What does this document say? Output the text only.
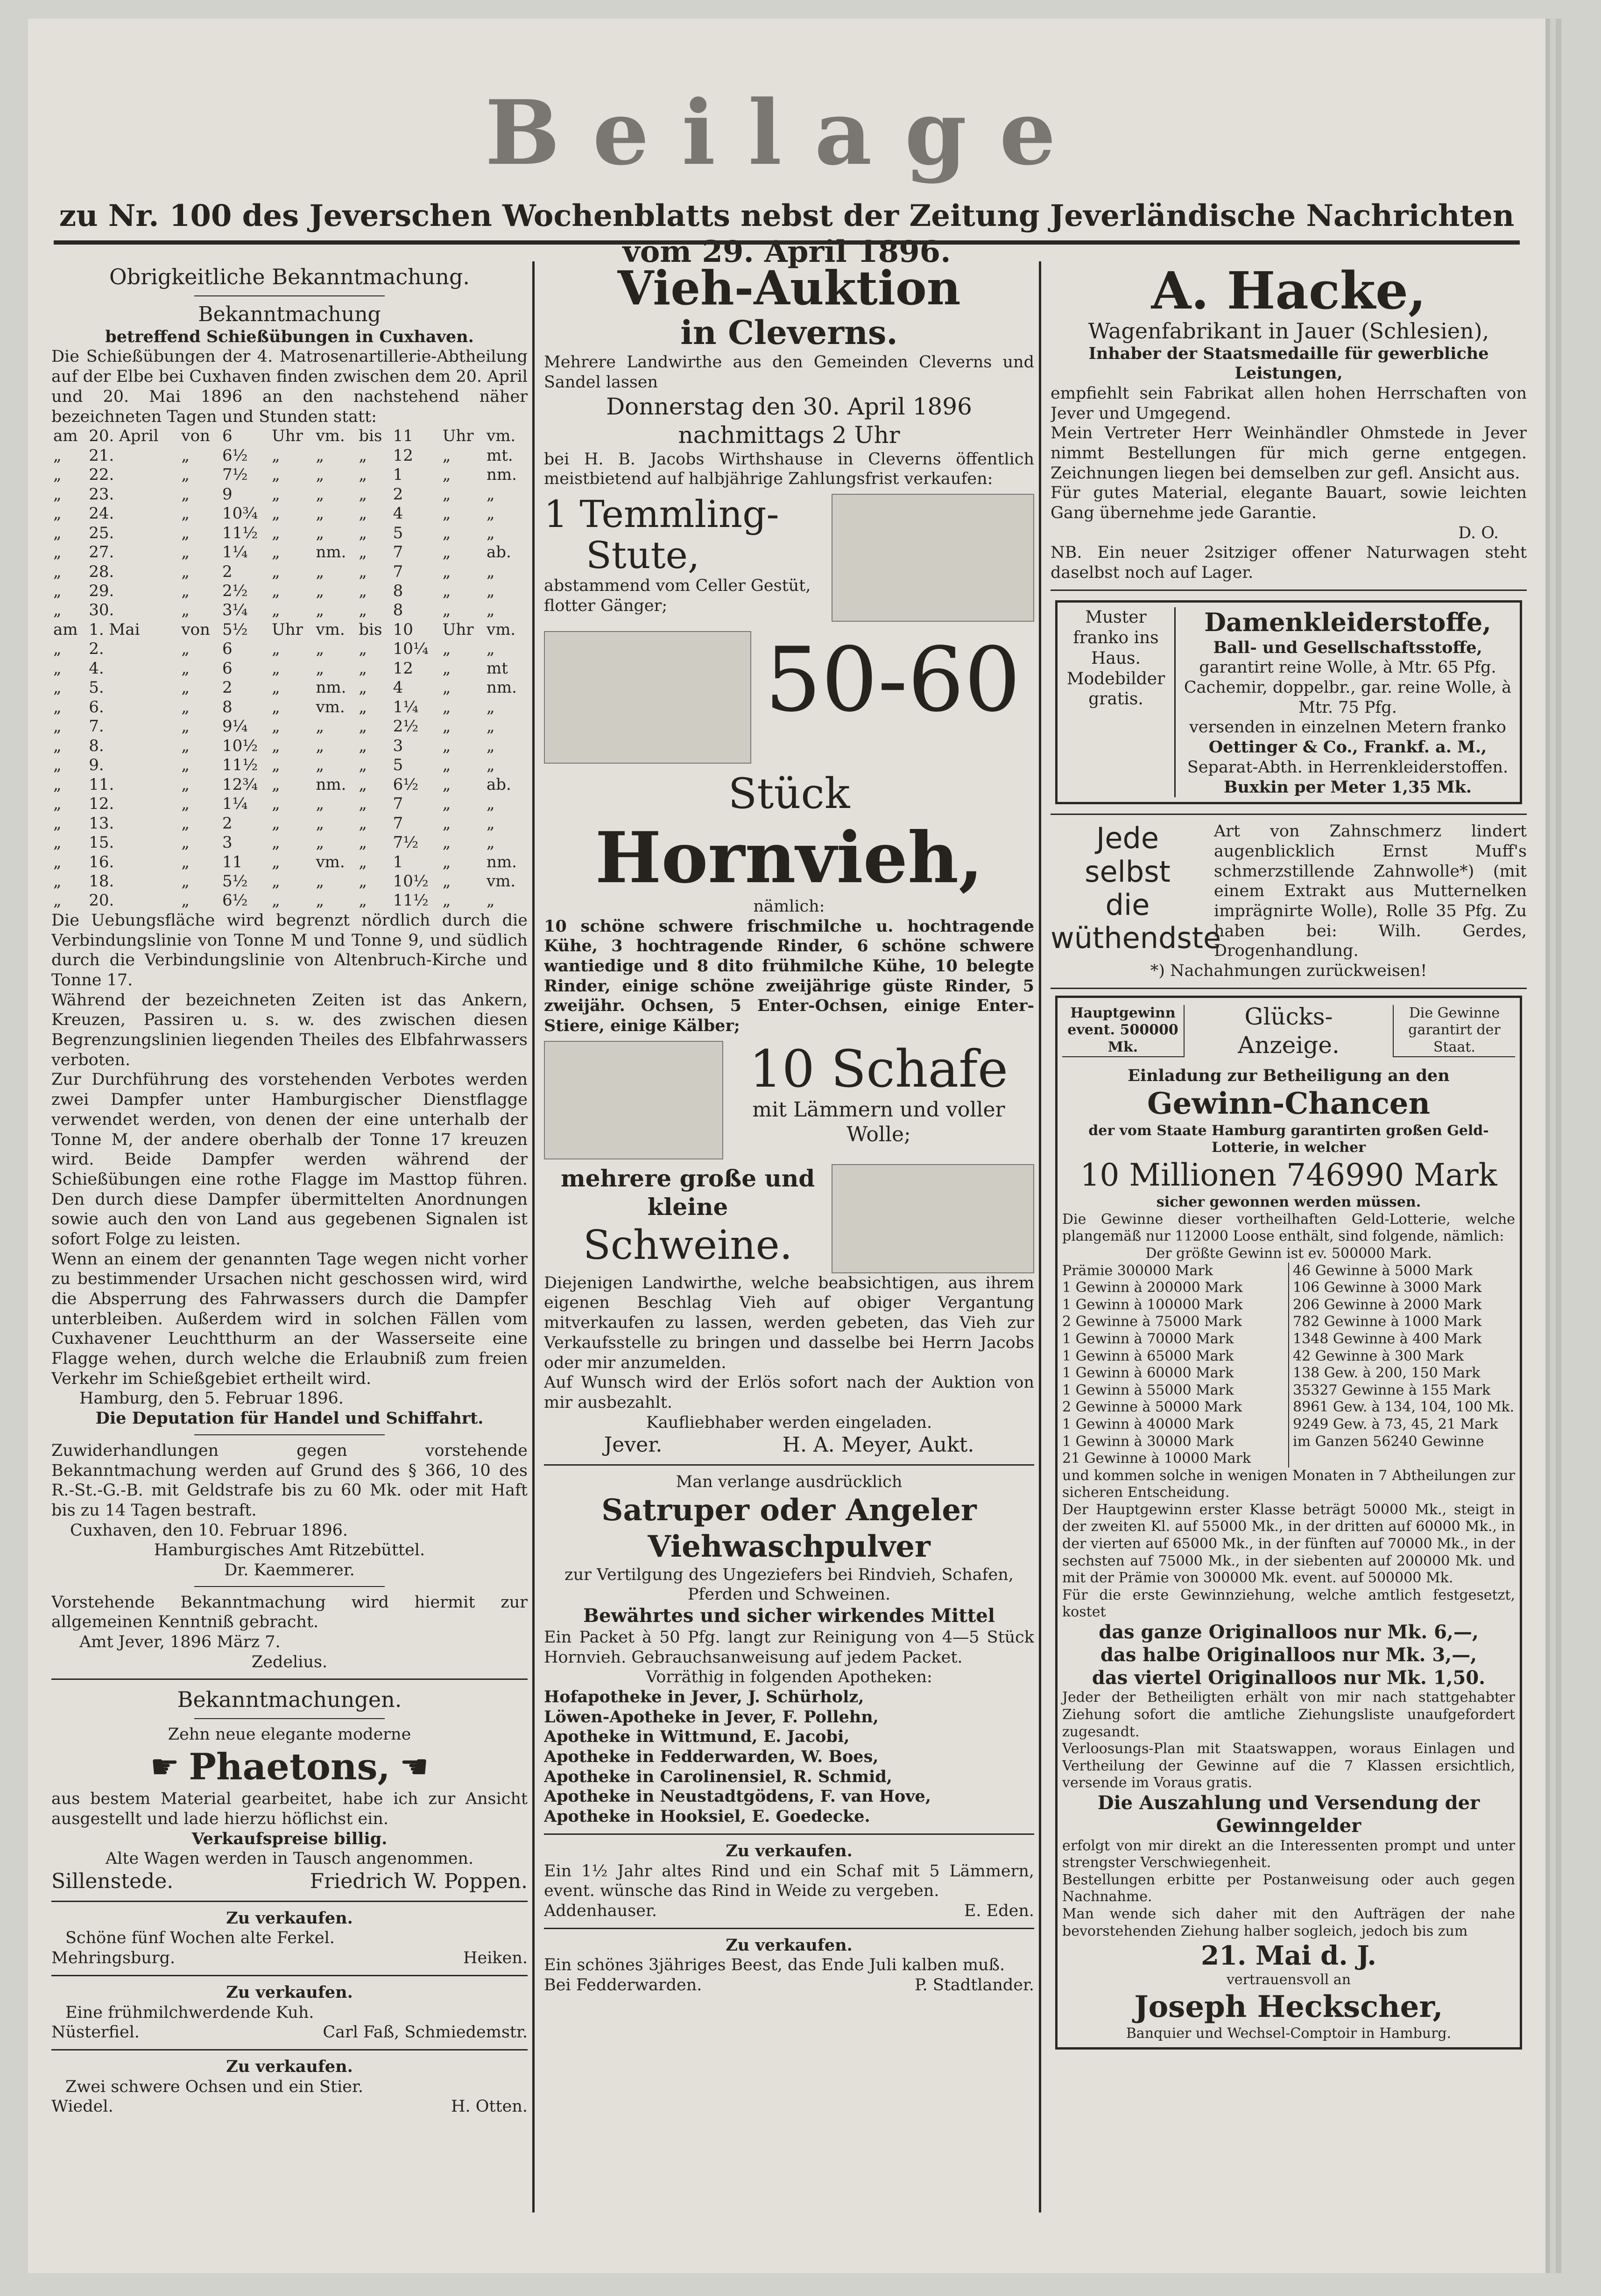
Beilage
zu Nr. 100 des Jeverschen Wochenblatts nebst der Zeitung Jeverländische Nachrichten vom 29. April 1896.
Obrigkeitliche Bekanntmachung.
Bekanntmachung
betreffend Schießübungen in Cuxhaven.

Die Schießübungen der 4. Matrosenartillerie-Abtheilung auf der Elbe bei Cuxhaven finden zwischen dem 20. April und 20. Mai 1896 an den nachstehend näher bezeichneten Tagen und Stunden statt:

am	20. April	von	6	Uhr	vm.	bis	11	Uhr	vm.
„	21.	„	6½	„	„	„	12	„	mt.
„	22.	„	7½	„	„	„	1	„	nm.
„	23.	„	9	„	„	„	2	„	„
„	24.	„	10¾	„	„	„	4	„	„
„	25.	„	11½	„	„	„	5	„	„
„	27.	„	1¼	„	nm.	„	7	„	ab.
„	28.	„	2	„	„	„	7	„	„
„	29.	„	2½	„	„	„	8	„	„
„	30.	„	3¼	„	„	„	8	„	„
am	1. Mai	von	5½	Uhr	vm.	bis	10	Uhr	vm.
„	2.	„	6	„	„	„	10¼	„	„
„	4.	„	6	„	„	„	12	„	mt
„	5.	„	2	„	nm.	„	4	„	nm.
„	6.	„	8	„	vm.	„	1¼	„	„
„	7.	„	9¼	„	„	„	2½	„	„
„	8.	„	10½	„	„	„	3	„	„
„	9.	„	11½	„	„	„	5	„	„
„	11.	„	12¾	„	nm.	„	6½	„	ab.
„	12.	„	1¼	„	„	„	7	„	„
„	13.	„	2	„	„	„	7	„	„
„	15.	„	3	„	„	„	7½	„	„
„	16.	„	11	„	vm.	„	1	„	nm.
„	18.	„	5½	„	„	„	10½	„	vm.
„	20.	„	6½	„	„	„	11½	„	„

Die Uebungsfläche wird begrenzt nördlich durch die Verbindungslinie von Tonne M und Tonne 9, und südlich durch die Verbindungslinie von Altenbruch-Kirche und Tonne 17.

Während der bezeichneten Zeiten ist das Ankern, Kreuzen, Passiren u. s. w. des zwischen diesen Begrenzungslinien liegenden Theiles des Elbfahrwassers verboten.

Zur Durchführung des vorstehenden Verbotes werden zwei Dampfer unter Hamburgischer Dienstflagge verwendet werden, von denen der eine unterhalb der Tonne M, der andere oberhalb der Tonne 17 kreuzen wird. Beide Dampfer werden während der Schießübungen eine rothe Flagge im Masttop führen. Den durch diese Dampfer übermittelten Anordnungen sowie auch den von Land aus gegebenen Signalen ist sofort Folge zu leisten.

Wenn an einem der genannten Tage wegen nicht vorher zu bestimmender Ursachen nicht geschossen wird, wird die Absperrung des Fahrwassers durch die Dampfer unterbleiben. Außerdem wird in solchen Fällen vom Cuxhavener Leuchtthurm an der Wasserseite eine Flagge wehen, durch welche die Erlaubniß zum freien Verkehr im Schießgebiet ertheilt wird.

Hamburg, den 5. Februar 1896.

Die Deputation für Handel und Schiffahrt.

Zuwiderhandlungen gegen vorstehende Bekanntmachung werden auf Grund des § 366, 10 des R.-St.-G.-B. mit Geldstrafe bis zu 60 Mk. oder mit Haft bis zu 14 Tagen bestraft.

Cuxhaven, den 10. Februar 1896.

Hamburgisches Amt Ritzebüttel.

Dr. Kaemmerer.

Vorstehende Bekanntmachung wird hiermit zur allgemeinen Kenntniß gebracht.

Amt Jever, 1896 März 7.

Zedelius.

Bekanntmachungen.

Zehn neue elegante moderne

☛ Phaetons, ☚

aus bestem Material gearbeitet, habe ich zur Ansicht ausgestellt und lade hierzu höflichst ein.

Verkaufspreise billig.

Alte Wagen werden in Tausch angenommen.

Sillenstede.	Friedrich W. Poppen.

Zu verkaufen.

Schöne fünf Wochen alte Ferkel.

Mehringsburg.	Heiken.

Zu verkaufen.

Eine frühmilchwerdende Kuh.

Nüsterfiel.	Carl Faß, Schmiedemstr.

Zu verkaufen.

Zwei schwere Ochsen und ein Stier.

Wiedel.	H. Otten.
Vieh-Auktion
in Cleverns.

Mehrere Landwirthe aus den Gemeinden Cleverns und Sandel lassen

Donnerstag den 30. April 1896

nachmittags 2 Uhr

bei H. B. Jacobs Wirthshause in Cleverns öffentlich meistbietend auf halbjährige Zahlungsfrist verkaufen:

1 Temmling-
Stute,
abstammend vom Celler Gestüt, flotter Gänger;
50-60
Stück
Hornvieh,

nämlich:

10 schöne schwere frischmilche u. hochtragende Kühe, 3 hochtragende Rinder, 6 schöne schwere wantiedige und 8 dito frühmilche Kühe, 10 belegte Rinder, einige schöne zweijährige güste Rinder, 5 zweijähr. Ochsen, 5 Enter-Ochsen, einige Enter-Stiere, einige Kälber;

10 Schafe
mit Lämmern und voller Wolle;
mehrere große und kleine
Schweine.

Diejenigen Landwirthe, welche beabsichtigen, aus ihrem eigenen Beschlag Vieh auf obiger Vergantung mitverkaufen zu lassen, werden gebeten, das Vieh zur Verkaufsstelle zu bringen und dasselbe bei Herrn Jacobs oder mir anzumelden.

Auf Wunsch wird der Erlös sofort nach der Auktion von mir ausbezahlt.

Kaufliebhaber werden eingeladen.

Jever.	H. A. Meyer, Aukt.

Man verlange ausdrücklich

Satruper oder Angeler
Viehwaschpulver

zur Vertilgung des Ungeziefers bei Rindvieh, Schafen, Pferden und Schweinen.

Bewährtes und sicher wirkendes Mittel

Ein Packet à 50 Pfg. langt zur Reinigung von 4—5 Stück Hornvieh. Gebrauchsanweisung auf jedem Packet.

Vorräthig in folgenden Apotheken:

Hofapotheke in Jever, J. Schürholz,

Löwen-Apotheke in Jever, F. Pollehn,

Apotheke in Wittmund, E. Jacobi,

Apotheke in Fedderwarden, W. Boes,

Apotheke in Carolinensiel, R. Schmid,

Apotheke in Neustadtgödens, F. van Hove,

Apotheke in Hooksiel, E. Goedecke.

Zu verkaufen.

Ein 1½ Jahr altes Rind und ein Schaf mit 5 Lämmern, event. wünsche das Rind in Weide zu vergeben.

Addenhauser.	E. Eden.

Zu verkaufen.

Ein schönes 3jähriges Beest, das Ende Juli kalben muß.

Bei Fedderwarden.	P. Stadtlander.
A. Hacke,
Wagenfabrikant in Jauer (Schlesien),

Inhaber der Staatsmedaille für gewerbliche Leistungen,

empfiehlt sein Fabrikat allen hohen Herrschaften von Jever und Umgegend.

Mein Vertreter Herr Weinhändler Ohmstede in Jever nimmt Bestellungen für mich gerne entgegen. Zeichnungen liegen bei demselben zur gefl. Ansicht aus.

Für gutes Material, elegante Bauart, sowie leichten Gang übernehme jede Garantie.

D. O.

NB. Ein neuer 2sitziger offener Naturwagen steht daselbst noch auf Lager.

Muster franko ins Haus. Modebilder gratis.
Damenkleiderstoffe,
Ball- und Gesellschaftsstoffe,
garantirt reine Wolle, à Mtr. 65 Pfg.
Cachemir, doppelbr., gar. reine Wolle, à Mtr. 75 Pfg.
versenden in einzelnen Metern franko
Oettinger & Co., Frankf. a. M.,
Separat-Abth. in Herrenkleiderstoffen.
Buxkin per Meter 1,35 Mk.
Jede
selbst
die
wüthendste

Art von Zahnschmerz lindert augenblicklich Ernst Muff's schmerzstillende Zahnwolle*) (mit einem Extrakt aus Mutternelken imprägnirte Wolle), Rolle 35 Pfg. Zu haben bei: Wilh. Gerdes, Drogenhandlung.

*) Nachahmungen zurückweisen!

Hauptgewinn event. 500000 Mk.
Glücks-Anzeige.
Die Gewinne garantirt der Staat.

Einladung zur Betheiligung an den

Gewinn-Chancen

der vom Staate Hamburg garantirten großen Geld-Lotterie, in welcher

10 Millionen 746990 Mark

sicher gewonnen werden müssen.

Die Gewinne dieser vortheilhaften Geld-Lotterie, welche plangemäß nur 112000 Loose enthält, sind folgende, nämlich:

Der größte Gewinn ist ev. 500000 Mark.

Prämie 300000 Mark
1 Gewinn à 200000 Mark
1 Gewinn à 100000 Mark
2 Gewinne à 75000 Mark
1 Gewinn à 70000 Mark
1 Gewinn à 65000 Mark
1 Gewinn à 60000 Mark
1 Gewinn à 55000 Mark
2 Gewinne à 50000 Mark
1 Gewinn à 40000 Mark
1 Gewinn à 30000 Mark
21 Gewinne à 10000 Mark
46 Gewinne à 5000 Mark
106 Gewinne à 3000 Mark
206 Gewinne à 2000 Mark
782 Gewinne à 1000 Mark
1348 Gewinne à 400 Mark
42 Gewinne à 300 Mark
138 Gew. à 200, 150 Mark
35327 Gewinne à 155 Mark
8961 Gew. à 134, 104, 100 Mk.
9249 Gew. à 73, 45, 21 Mark
im Ganzen 56240 Gewinne

und kommen solche in wenigen Monaten in 7 Abtheilungen zur sicheren Entscheidung.

Der Hauptgewinn erster Klasse beträgt 50000 Mk., steigt in der zweiten Kl. auf 55000 Mk., in der dritten auf 60000 Mk., in der vierten auf 65000 Mk., in der fünften auf 70000 Mk., in der sechsten auf 75000 Mk., in der siebenten auf 200000 Mk. und mit der Prämie von 300000 Mk. event. auf 500000 Mk.

Für die erste Gewinnziehung, welche amtlich festgesetzt, kostet

das ganze Originalloos nur Mk. 6,—,

das halbe Originalloos nur Mk. 3,—,

das viertel Originalloos nur Mk. 1,50.

Jeder der Betheiligten erhält von mir nach stattgehabter Ziehung sofort die amtliche Ziehungsliste unaufgefordert zugesandt.

Verloosungs-Plan mit Staatswappen, woraus Einlagen und Vertheilung der Gewinne auf die 7 Klassen ersichtlich, versende im Voraus gratis.

Die Auszahlung und Versendung der Gewinngelder

erfolgt von mir direkt an die Interessenten prompt und unter strengster Verschwiegenheit.

Bestellungen erbitte per Postanweisung oder auch gegen Nachnahme.

Man wende sich daher mit den Aufträgen der nahe bevorstehenden Ziehung halber sogleich, jedoch bis zum

21. Mai d. J.

vertrauensvoll an

Joseph Heckscher,

Banquier und Wechsel-Comptoir in Hamburg.
